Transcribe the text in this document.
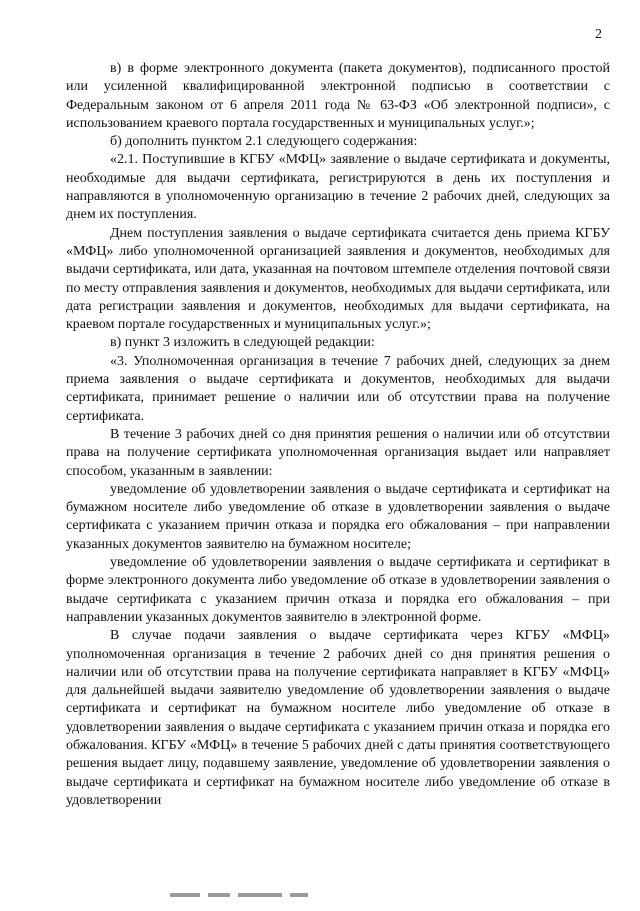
2

в) в форме электронного документа (пакета документов), подписанного простой или усиленной квалифицированной электронной подписью в соответствии с Федеральным законом от 6 апреля 2011 года № 63-ФЗ «Об электронной подписи», с использованием краевого портала государственных и муниципальных услуг.»;

б) дополнить пунктом 2.1 следующего содержания:

«2.1. Поступившие в КГБУ «МФЦ» заявление о выдаче сертификата и документы, необходимые для выдачи сертификата, регистрируются в день их поступления и направляются в уполномоченную организацию в течение 2 рабочих дней, следующих за днем их поступления.

Днем поступления заявления о выдаче сертификата считается день приема КГБУ «МФЦ» либо уполномоченной организацией заявления и документов, необходимых для выдачи сертификата, или дата, указанная на почтовом штемпеле отделения почтовой связи по месту отправления заявления и документов, необходимых для выдачи сертификата, или дата регистрации заявления и документов, необходимых для выдачи сертификата, на краевом портале государственных и муниципальных услуг.»;

в) пункт 3 изложить в следующей редакции:

«3. Уполномоченная организация в течение 7 рабочих дней, следующих за днем приема заявления о выдаче сертификата и документов, необходимых для выдачи сертификата, принимает решение о наличии или об отсутствии права на получение сертификата.

В течение 3 рабочих дней со дня принятия решения о наличии или об отсутствии права на получение сертификата уполномоченная организация выдает или направляет способом, указанным в заявлении:

уведомление об удовлетворении заявления о выдаче сертификата и сертификат на бумажном носителе либо уведомление об отказе в удовлетворении заявления о выдаче сертификата с указанием причин отказа и порядка его обжалования – при направлении указанных документов заявителю на бумажном носителе;

уведомление об удовлетворении заявления о выдаче сертификата и сертификат в форме электронного документа либо уведомление об отказе в удовлетворении заявления о выдаче сертификата с указанием причин отказа и порядка его обжалования – при направлении указанных документов заявителю в электронной форме.

В случае подачи заявления о выдаче сертификата через КГБУ «МФЦ» уполномоченная организация в течение 2 рабочих дней со дня принятия решения о наличии или об отсутствии права на получение сертификата направляет в КГБУ «МФЦ» для дальнейшей выдачи заявителю уведомление об удовлетворении заявления о выдаче сертификата и сертификат на бумажном носителе либо уведомление об отказе в удовлетворении заявления о выдаче сертификата с указанием причин отказа и порядка его обжалования. КГБУ «МФЦ» в течение 5 рабочих дней с даты принятия соответствующего решения выдает лицу, подавшему заявление, уведомление об удовлетворении заявления о выдаче сертификата и сертификат на бумажном носителе либо уведомление об отказе в удовлетворении
